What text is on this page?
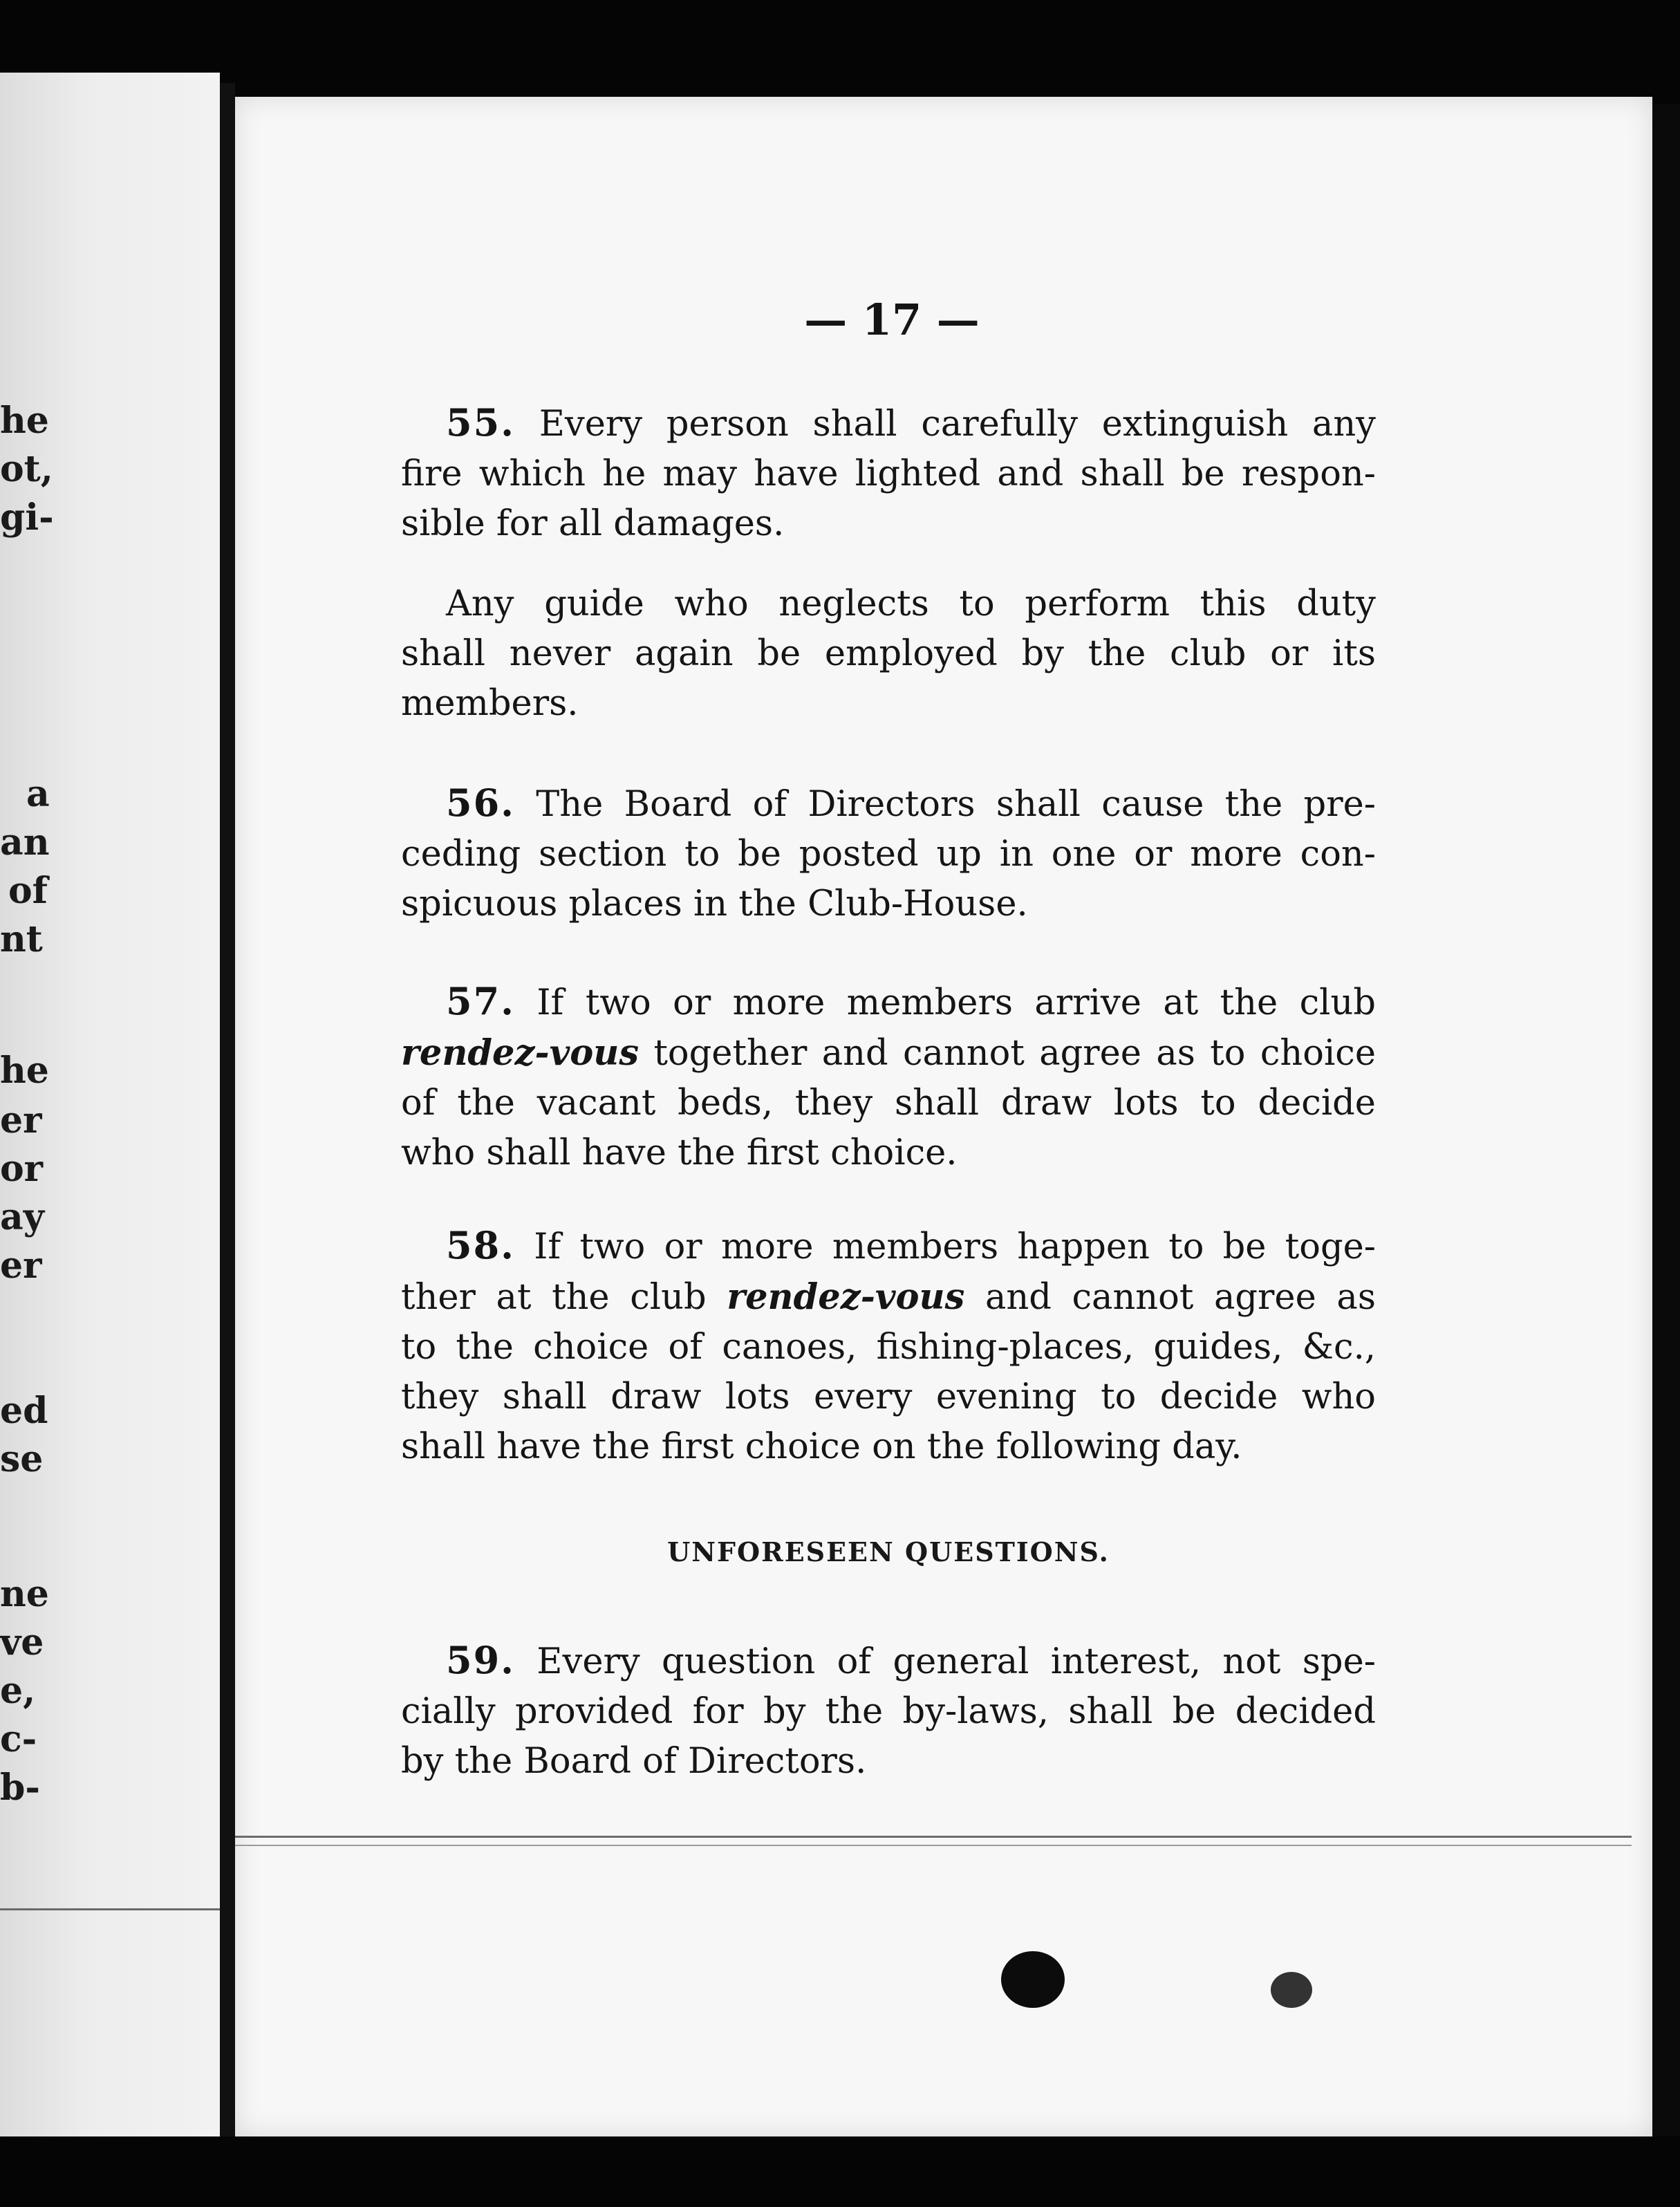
he
ot,
gi-
a
an
of
nt
he
er
or
ay
er
ed
se
ne
ve
e,
c-
b-
— 17 —
55. Every person shall carefully extinguish any
fire which he may have lighted and shall be respon-
sible for all damages.
Any guide who neglects to perform this duty
shall never again be employed by the club or its
members.
56. The Board of Directors shall cause the pre-
ceding section to be posted up in one or more con-
spicuous places in the Club-House.
57. If two or more members arrive at the club
rendez-vous together and cannot agree as to choice
of the vacant beds, they shall draw lots to decide
who shall have the first choice.
58. If two or more members happen to be toge-
ther at the club rendez-vous and cannot agree as
to the choice of canoes, fishing-places, guides, &c.,
they shall draw lots every evening to decide who
shall have the first choice on the following day.
UNFORESEEN QUESTIONS.
59. Every question of general interest, not spe-
cially provided for by the by-laws, shall be decided
by the Board of Directors.
